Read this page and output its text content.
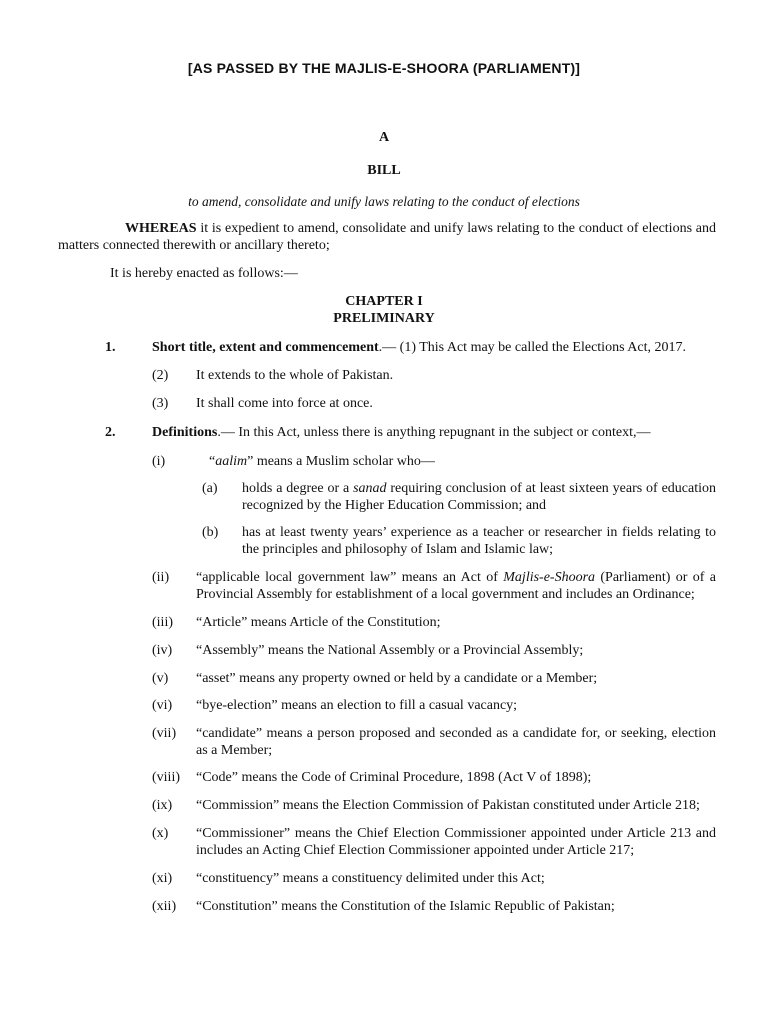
[AS PASSED BY THE MAJLIS-E-SHOORA (PARLIAMENT)]
A
BILL
to amend, consolidate and unify laws relating to the conduct of elections
WHEREAS it is expedient to amend, consolidate and unify laws relating to the conduct of elections and matters connected therewith or ancillary thereto;
It is hereby enacted as follows:—
CHAPTER I
PRELIMINARY
1.	Short title, extent and commencement.— (1) This Act may be called the Elections Act, 2017.
(2) It extends to the whole of Pakistan.
(3) It shall come into force at once.
2.	Definitions.— In this Act, unless there is anything repugnant in the subject or context,—
(i)	“aalim” means a Muslim scholar who—
(a) holds a degree or a sanad requiring conclusion of at least sixteen years of education recognized by the Higher Education Commission; and
(b) has at least twenty years’ experience as a teacher or researcher in fields relating to the principles and philosophy of Islam and Islamic law;
(ii) “applicable local government law” means an Act of Majlis-e-Shoora (Parliament) or of a Provincial Assembly for establishment of a local government and includes an Ordinance;
(iii) “Article” means Article of the Constitution;
(iv) “Assembly” means the National Assembly or a Provincial Assembly;
(v) “asset” means any property owned or held by a candidate or a Member;
(vi) “bye-election” means an election to fill a casual vacancy;
(vii) “candidate” means a person proposed and seconded as a candidate for, or seeking, election as a Member;
(viii) “Code” means the Code of Criminal Procedure, 1898 (Act V of 1898);
(ix) “Commission” means the Election Commission of Pakistan constituted under Article 218;
(x) “Commissioner” means the Chief Election Commissioner appointed under Article 213 and includes an Acting Chief Election Commissioner appointed under Article 217;
(xi) “constituency” means a constituency delimited under this Act;
(xii) “Constitution” means the Constitution of the Islamic Republic of Pakistan;
